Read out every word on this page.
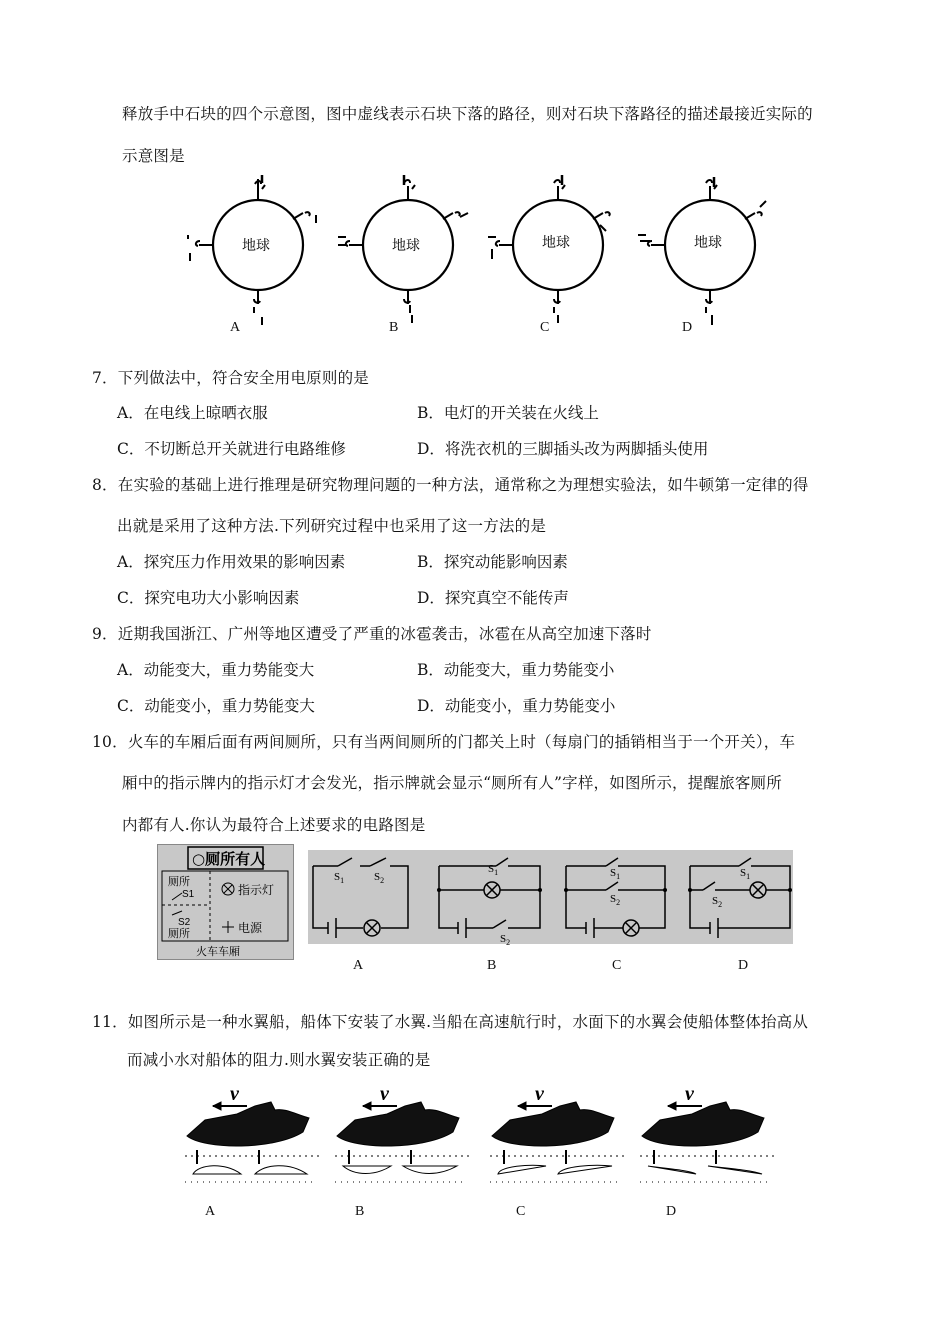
释放手中石块的四个示意图，图中虚线表示石块下落的路径，则对石块下落路径的描述最接近实际的
示意图是
地球	地球	地球	地球
A	B	C	D
7．下列做法中，符合安全用电原则的是
A．在电线上晾晒衣服	B．电灯的开关装在火线上
C．不切断总开关就进行电路维修	D．将洗衣机的三脚插头改为两脚插头使用
8．在实验的基础上进行推理是研究物理问题的一种方法，通常称之为理想实验法，如牛顿第一定律的得
出就是采用了这种方法.下列研究过程中也采用了这一方法的是
A．探究压力作用效果的影响因素	B．探究动能影响因素
C．探究电功大小影响因素	D．探究真空不能传声
9．近期我国浙江、广州等地区遭受了严重的冰雹袭击，冰雹在从高空加速下落时
A．动能变大，重力势能变大	B．动能变大，重力势能变小
C．动能变小，重力势能变大	D．动能变小，重力势能变小
10．火车的车厢后面有两间厕所，只有当两间厕所的门都关上时（每扇门的插销相当于一个开关），车
厢中的指示牌内的指示灯才会发光，指示牌就会显示“厕所有人”字样，如图所示，提醒旅客厕所
内都有人.你认为最符合上述要求的电路图是
○厕所有人
厕所
S1
S2
厕所
指示灯
电源
火车车厢
$S_1$	$S_2$
$S_1$
$S_2$
$S_1$
$S_2$
$S_1$
$S_2$
A	B	C	D
11．如图所示是一种水翼船，船体下安装了水翼.当船在高速航行时，水面下的水翼会使船体整体抬高从
而减小水对船体的阻力.则水翼安装正确的是
v	v	v	v
A	B	C	D
